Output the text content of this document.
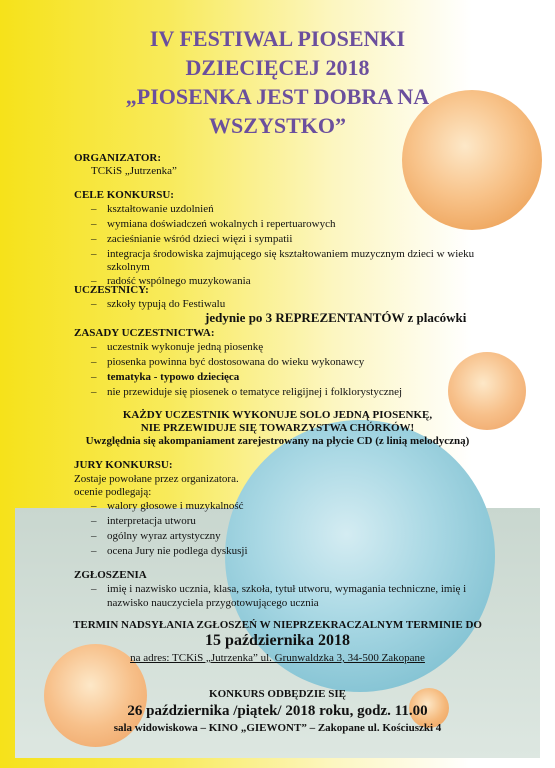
IV FESTIWAL PIOSENKI
DZIECIĘCEJ 2018
„PIOSENKA JEST DOBRA NA
WSZYSTKO”
ORGANIZATOR:
TCKiS „Jutrzenka”
CELE KONKURSU:
– kształtowanie uzdolnień
– wymiana doświadczeń wokalnych i repertuarowych
– zacieśnianie wśród dzieci więzi i sympatii
– integracja środowiska zajmującego się kształtowaniem muzycznym dzieci w wieku
szkolnym
– radość wspólnego muzykowania
UCZESTNICY:
– szkoły typują do Festiwalu
jedynie po 3 REPREZENTANTÓW z placówki
ZASADY UCZESTNICTWA:
– uczestnik wykonuje jedną piosenkę
– piosenka powinna być dostosowana do wieku wykonawcy
– tematyka - typowo dziecięca
– nie przewiduje się piosenek o tematyce religijnej i folklorystycznej
KAŻDY UCZESTNIK WYKONUJE SOLO JEDNĄ PIOSENKĘ,
NIE PRZEWIDUJE SIĘ TOWARZYSTWA CHÓRKÓW!
Uwzględnia się akompaniament zarejestrowany na płycie CD (z linią melodyczną)
JURY KONKURSU:
Zostaje powołane przez organizatora.
ocenie podlegają:
– walory głosowe i muzykalność
– interpretacja utworu
– ogólny wyraz artystyczny
– ocena Jury nie podlega dyskusji
ZGŁOSZENIA
– imię i nazwisko ucznia, klasa, szkoła, tytuł utworu, wymagania techniczne, imię i
nazwisko nauczyciela przygotowującego ucznia
TERMIN NADSYŁANIA ZGŁOSZEŃ W NIEPRZEKRACZALNYM TERMINIE DO
15 października 2018
na adres: TCKiS „Jutrzenka” ul. Grunwaldzka 3, 34-500 Zakopane
KONKURS ODBĘDZIE SIĘ
26 października /piątek/ 2018 roku, godz. 11.00
sala widowiskowa – KINO „GIEWONT” – Zakopane ul. Kościuszki 4
